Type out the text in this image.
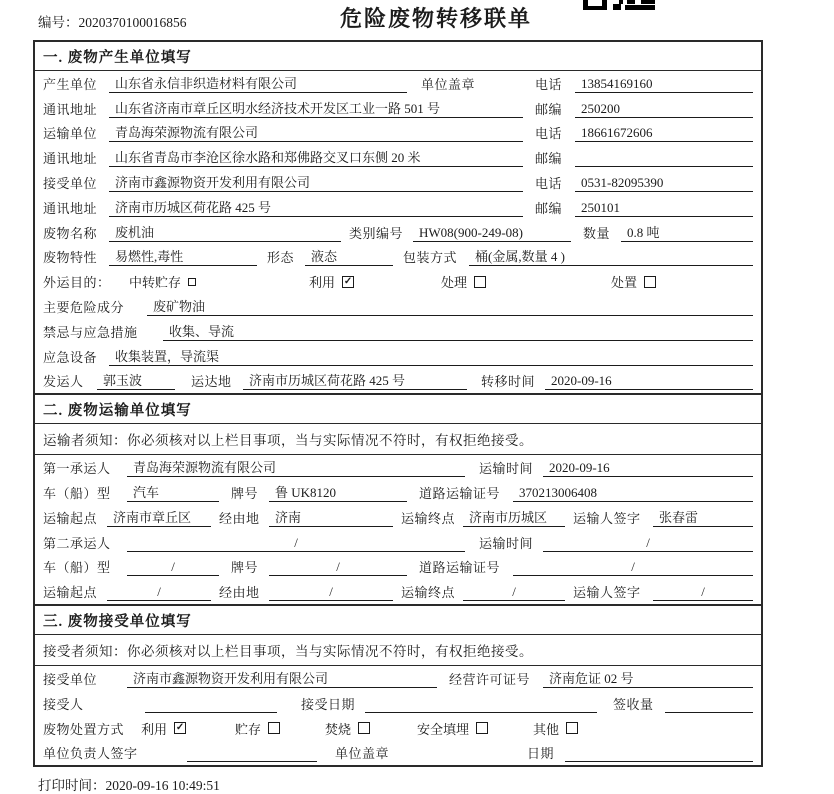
编号：2020370100016856	危险废物转移联单
一. 废物产生单位填写
产生单位	山东省永信非织造材料有限公司	单位盖章	电话	13854169160
通讯地址	山东省济南市章丘区明水经济技术开发区工业一路 501 号	邮编	250200
运输单位	青岛海荣源物流有限公司	电话	18661672606
通讯地址	山东省青岛市李沧区徐水路和郑佛路交叉口东侧 20 米	邮编
接受单位	济南市鑫源物资开发利用有限公司	电话	0531-82095390
通讯地址	济南市历城区荷花路 425 号	邮编	250101
废物名称	废机油	类别编号	HW08(900-249-08)	数量	0.8 吨
废物特性	易燃性,毒性	形态	液态	包装方式	桶(金属,数量 4 )
外运目的：	中转贮存	利用 ✓	处理	处置
主要危险成分	废矿物油
禁忌与应急措施	收集、导流
应急设备	收集装置，导流渠
发运人	郭玉波	运达地	济南市历城区荷花路 425 号	转移时间	2020-09-16
二. 废物运输单位填写
运输者须知：你必须核对以上栏目事项，当与实际情况不符时，有权拒绝接受。
第一承运人	青岛海荣源物流有限公司	运输时间	2020-09-16
车（船）型	汽车	牌号	鲁 UK8120	道路运输证号	370213006408
运输起点	济南市章丘区	经由地	济南	运输终点	济南市历城区	运输人签字	张春雷
第二承运人	/	运输时间	/
车（船）型	/	牌号	/	道路运输证号	/
运输起点	/	经由地	/	运输终点	/	运输人签字	/
三. 废物接受单位填写
接受者须知：你必须核对以上栏目事项，当与实际情况不符时，有权拒绝接受。
接受单位	济南市鑫源物资开发利用有限公司	经营许可证号	济南危证 02 号
接受人	接受日期	签收量
废物处置方式	利用 ✓	贮存	焚烧	安全填埋	其他
单位负责人签字	单位盖章	日期
打印时间：2020-09-16 10:49:51
